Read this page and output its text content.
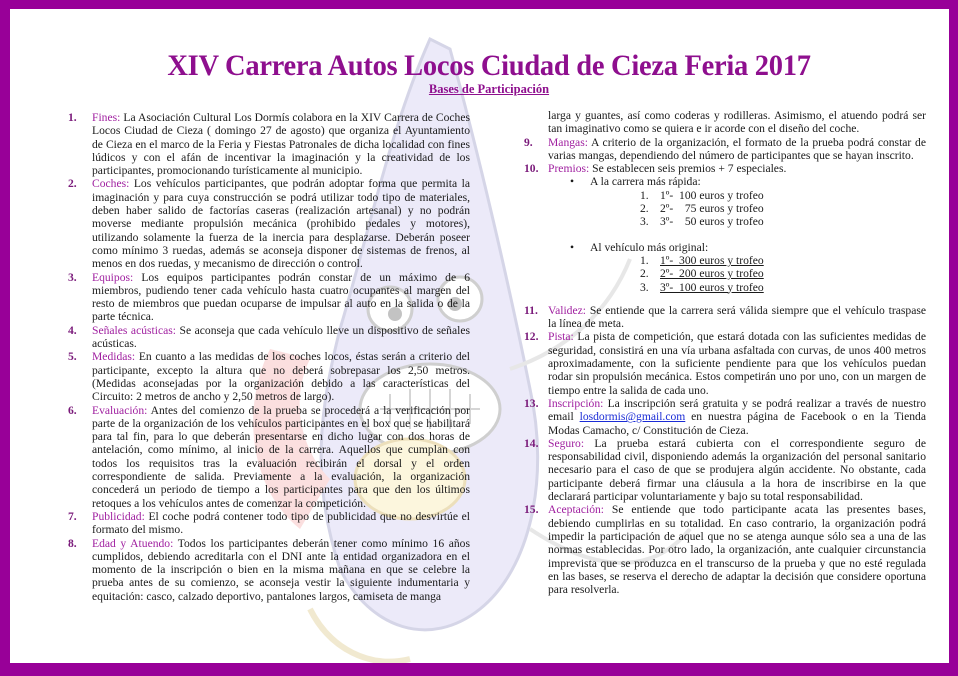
XIV Carrera Autos Locos Ciudad de Cieza Feria 2017
Bases de Participación
1. Fines: La Asociación Cultural Los Dormís colabora en la XIV Carrera de Coches Locos Ciudad de Cieza ( domingo 27 de agosto) que organiza el Ayuntamiento de Cieza en el marco de la Feria y Fiestas Patronales de dicha localidad con fines lúdicos y con el afán de incentivar la imaginación y la creatividad de los participantes, promocionando turísticamente al municipio.
2. Coches: Los vehículos participantes, que podrán adoptar forma que permita la imaginación y para cuya construcción se podrá utilizar todo tipo de materiales, deben haber salido de factorías caseras (realización artesanal) y no podrán moverse mediante propulsión mecánica (prohibido pedales y motores), utilizando solamente la fuerza de la inercia para desplazarse. Deberán poseer como mínimo 3 ruedas, además se aconseja disponer de sistemas de frenos, al menos en dos ruedas, y mecanismo de dirección o control.
3. Equipos: Los equipos participantes podrán constar de un máximo de 6 miembros, pudiendo tener cada vehículo hasta cuatro ocupantes al margen del resto de miembros que puedan ocuparse de impulsar al auto en la salida o de la parte técnica.
4. Señales acústicas: Se aconseja que cada vehículo lleve un dispositivo de señales acústicas.
5. Medidas: En cuanto a las medidas de los coches locos, éstas serán a criterio del participante, excepto la altura que no deberá sobrepasar los 2,50 metros. (Medidas aconsejadas por la organización debido a las características del Circuito: 2 metros de ancho y 2,50 metros de largo).
6. Evaluación: Antes del comienzo de la prueba se procederá a la verificación por parte de la organización de los vehículos participantes en el box que se habilitará para tal fin, para lo que deberán presentarse en dicho lugar con dos horas de antelación, como mínimo, al inicio de la carrera. Aquellos que cumplan con todos los requisitos tras la evaluación recibirán el dorsal y el orden correspondiente de salida. Previamente a la evaluación, la organización concederá un periodo de tiempo a los participantes para que den los últimos retoques a los vehículos antes de comenzar la competición.
7. Publicidad: El coche podrá contener todo tipo de publicidad que no desvirtúe el formato del mismo.
8. Edad y Atuendo: Todos los participantes deberán tener como mínimo 16 años cumplidos, debiendo acreditarla con el DNI ante la entidad organizadora en el momento de la inscripción o bien en la misma mañana en que se celebre la prueba antes de su comienzo, se aconseja vestir la siguiente indumentaria y equitación: casco, calzado deportivo, pantalones largos, camiseta de manga
larga y guantes, así como coderas y rodilleras. Asimismo, el atuendo podrá ser tan imaginativo como se quiera e ir acorde con el diseño del coche.
9. Mangas: A criterio de la organización, el formato de la prueba podrá constar de varias mangas, dependiendo del número de participantes que se hayan inscrito.
10. Premios: Se establecen seis premios + 7 especiales.
• A la carrera más rápida:
1. 1º-  100 euros y trofeo
2. 2º-    75 euros y trofeo
3. 3º-    50 euros y trofeo
• Al vehículo más original:
1. 1º-  300 euros y trofeo
2. 2º-  200 euros y trofeo
3. 3º-  100 euros y trofeo
11. Validez: Se entiende que la carrera será válida siempre que el vehículo traspase la línea de meta.
12. Pista: La pista de competición, que estará dotada con las suficientes medidas de seguridad, consistirá en una vía urbana asfaltada con curvas, de unos 400 metros aproximadamente, con la suficiente pendiente para que los vehículos puedan rodar sin propulsión mecánica. Estos competirán uno por uno, con un margen de tiempo entre la salida de cada uno.
13. Inscripción: La inscripción será gratuita y se podrá realizar a través de nuestro email losdormis@gmail.com en nuestra página de Facebook o en la Tienda Modas Camacho, c/ Constitución de Cieza.
14. Seguro: La prueba estará cubierta con el correspondiente seguro de responsabilidad civil, disponiendo además la organización del personal sanitario necesario para el caso de que se produjera algún accidente. No obstante, cada participante deberá firmar una cláusula a la hora de inscribirse en la que declarará participar voluntariamente y bajo su total responsabilidad.
15. Aceptación: Se entiende que todo participante acata las presentes bases, debiendo cumplirlas en su totalidad. En caso contrario, la organización podrá impedir la participación de aquel que no se atenga aunque sólo sea a una de las normas establecidas. Por otro lado, la organización, ante cualquier circunstancia imprevista que se produzca en el transcurso de la prueba y que no esté regulada en las bases, se reserva el derecho de adaptar la decisión que considere oportuna para resolverla.
